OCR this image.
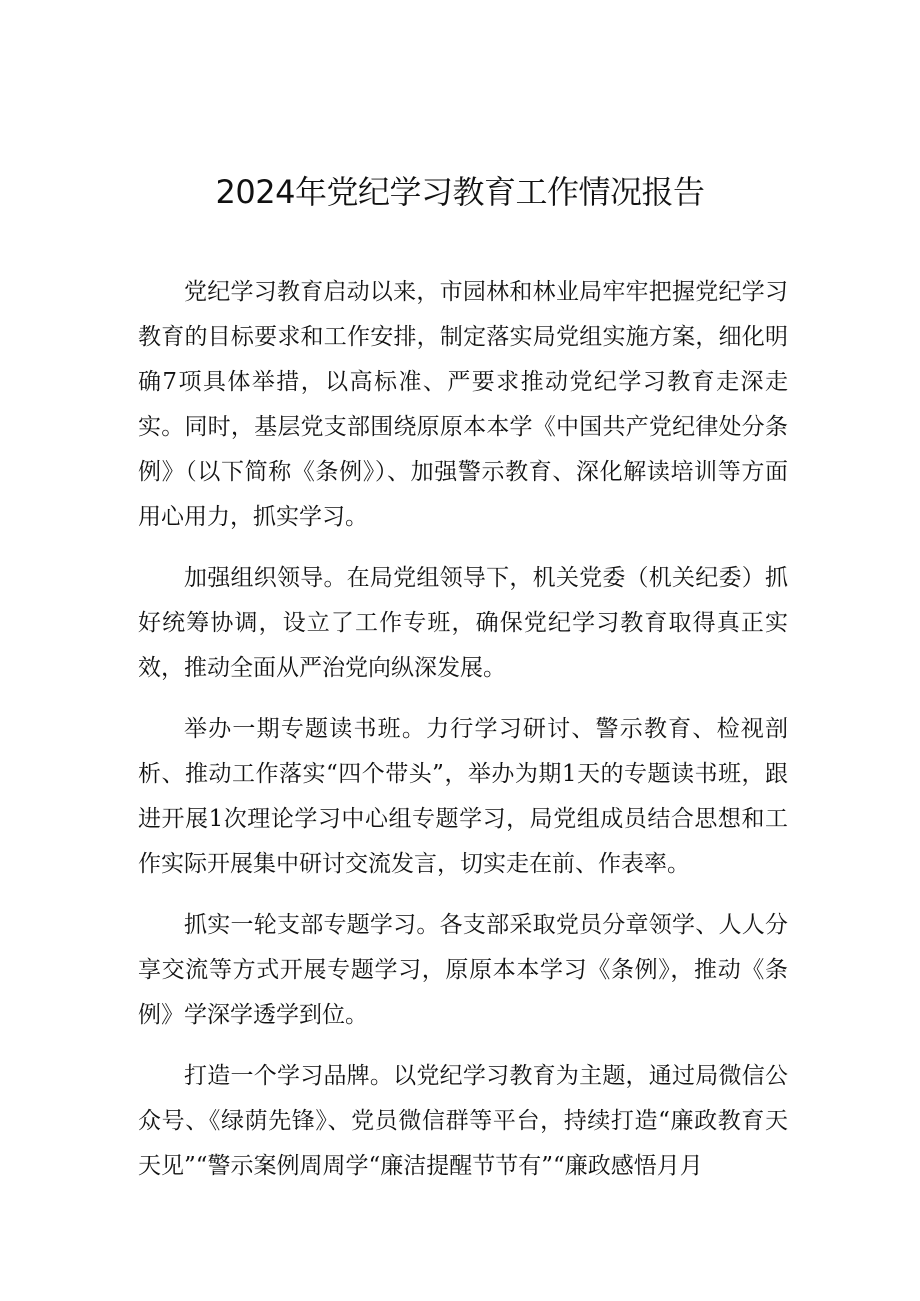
2024年党纪学习教育工作情况报告

党纪学习教育启动以来，市园林和林业局牢牢把握党纪学习教育的目标要求和工作安排，制定落实局党组实施方案，细化明确7项具体举措，以高标准、严要求推动党纪学习教育走深走实。同时，基层党支部围绕原原本本学《中国共产党纪律处分条例》（以下简称《条例》）、加强警示教育、深化解读培训等方面用心用力，抓实学习。

加强组织领导。在局党组领导下，机关党委（机关纪委）抓好统筹协调，设立了工作专班，确保党纪学习教育取得真正实效，推动全面从严治党向纵深发展。

举办一期专题读书班。力行学习研讨、警示教育、检视剖析、推动工作落实“四个带头”，举办为期1天的专题读书班，跟进开展1次理论学习中心组专题学习，局党组成员结合思想和工作实际开展集中研讨交流发言，切实走在前、作表率。

抓实一轮支部专题学习。各支部采取党员分章领学、人人分享交流等方式开展专题学习，原原本本学习《条例》，推动《条例》学深学透学到位。

打造一个学习品牌。以党纪学习教育为主题，通过局微信公众号、《绿荫先锋》、党员微信群等平台，持续打造“廉政教育天天见”“警示案例周周学“廉洁提醒节节有”“廉政感悟月月
